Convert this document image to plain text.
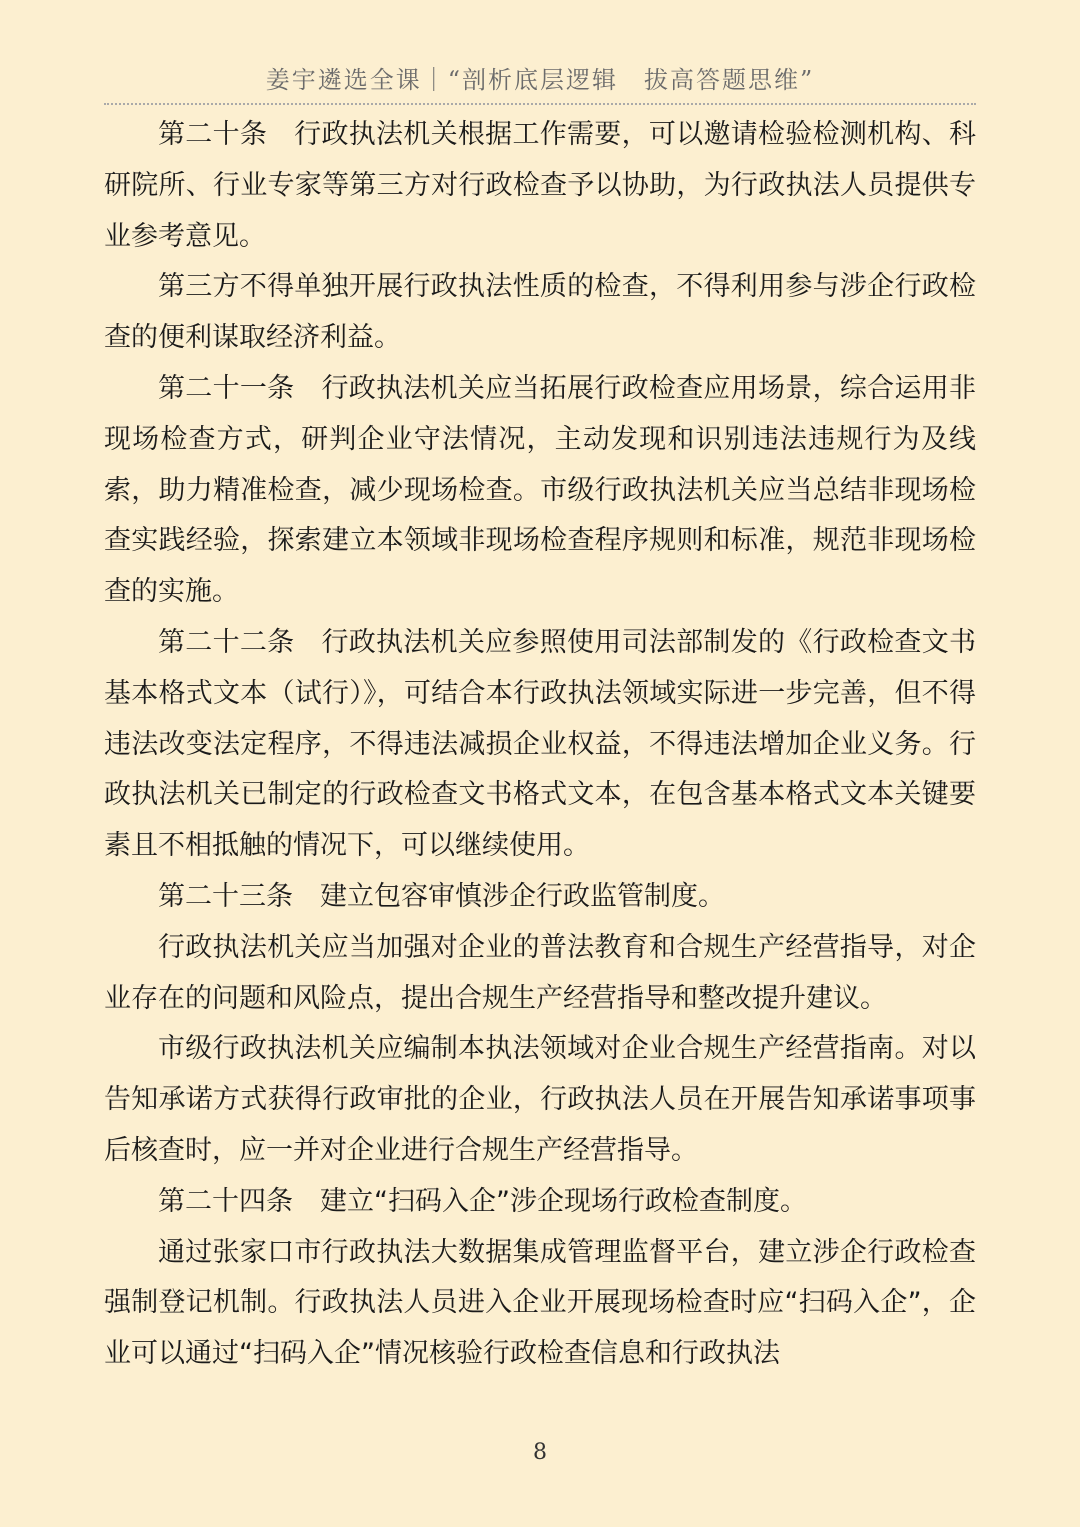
姜宇遴选全课｜“剖析底层逻辑　拔高答题思维”

第二十条 行政执法机关根据工作需要，可以邀请检验检测机构、科研院所、行业专家等第三方对行政检查予以协助，为行政执法人员提供专业参考意见。

第三方不得单独开展行政执法性质的检查，不得利用参与涉企行政检查的便利谋取经济利益。

第二十一条 行政执法机关应当拓展行政检查应用场景，综合运用非现场检查方式，研判企业守法情况，主动发现和识别违法违规行为及线索，助力精准检查，减少现场检查。市级行政执法机关应当总结非现场检查实践经验，探索建立本领域非现场检查程序规则和标准，规范非现场检查的实施。

第二十二条 行政执法机关应参照使用司法部制发的《行政检查文书基本格式文本（试行）》，可结合本行政执法领域实际进一步完善，但不得违法改变法定程序，不得违法减损企业权益，不得违法增加企业义务。行政执法机关已制定的行政检查文书格式文本，在包含基本格式文本关键要素且不相抵触的情况下，可以继续使用。

第二十三条 建立包容审慎涉企行政监管制度。

行政执法机关应当加强对企业的普法教育和合规生产经营指导，对企业存在的问题和风险点，提出合规生产经营指导和整改提升建议。

市级行政执法机关应编制本执法领域对企业合规生产经营指南。对以告知承诺方式获得行政审批的企业，行政执法人员在开展告知承诺事项事后核查时，应一并对企业进行合规生产经营指导。

第二十四条 建立“扫码入企”涉企现场行政检查制度。

通过张家口市行政执法大数据集成管理监督平台，建立涉企行政检查强制登记机制。行政执法人员进入企业开展现场检查时应“扫码入企”，企业可以通过“扫码入企”情况核验行政检查信息和行政执法

8
